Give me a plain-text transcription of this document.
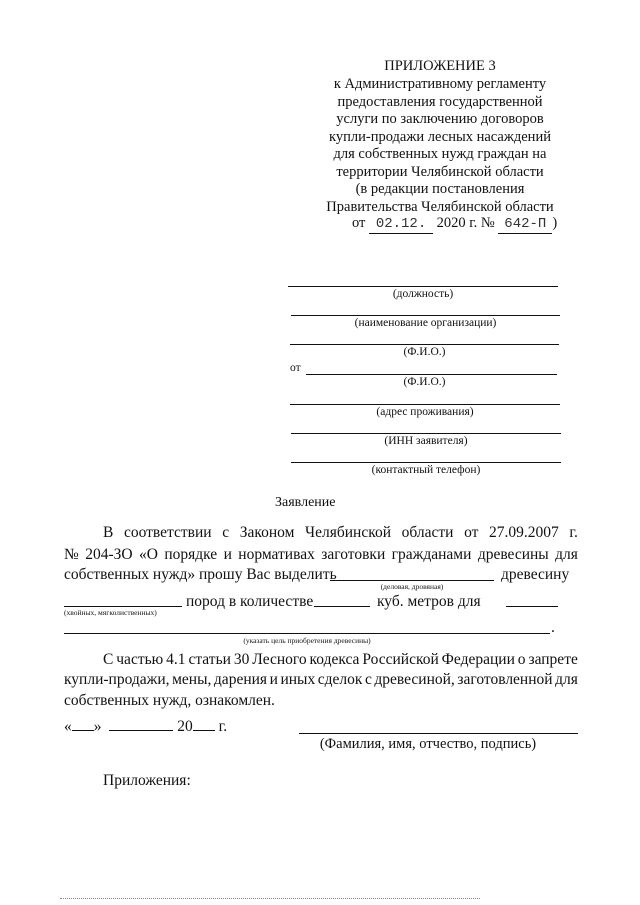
ПРИЛОЖЕНИЕ 3
к Административному регламенту
предоставления государственной
услуги по заключению договоров
купли-продажи лесных насаждений
для собственных нужд граждан на
территории Челябинской области
(в редакции постановления
Правительства Челябинской области
от 02.12. 2020 г. № 642-П )
(должность)
(наименование организации)
(Ф.И.О.)
от
(Ф.И.О.)
(адрес проживания)
(ИНН заявителя)
(контактный телефон)
Заявление
В соответствии с Законом Челябинской области от 27.09.2007 г.
№ 204-ЗО «О порядке и нормативах заготовки гражданами древесины для
собственных нужд» прошу Вас выделить	древесину
(деловая, дровяная)
пород в количестве	куб. метров для
(хвойных, мягколиственных)
.
(указать цель приобретения древесины)
С частью 4.1 статьи 30 Лесного кодекса Российской Федерации о запрете
купли-продажи, мены, дарения и иных сделок с древесиной, заготовленной для
собственных нужд, ознакомлен.
« »	20 г.
(Фамилия, имя, отчество, подпись)
Приложения:
